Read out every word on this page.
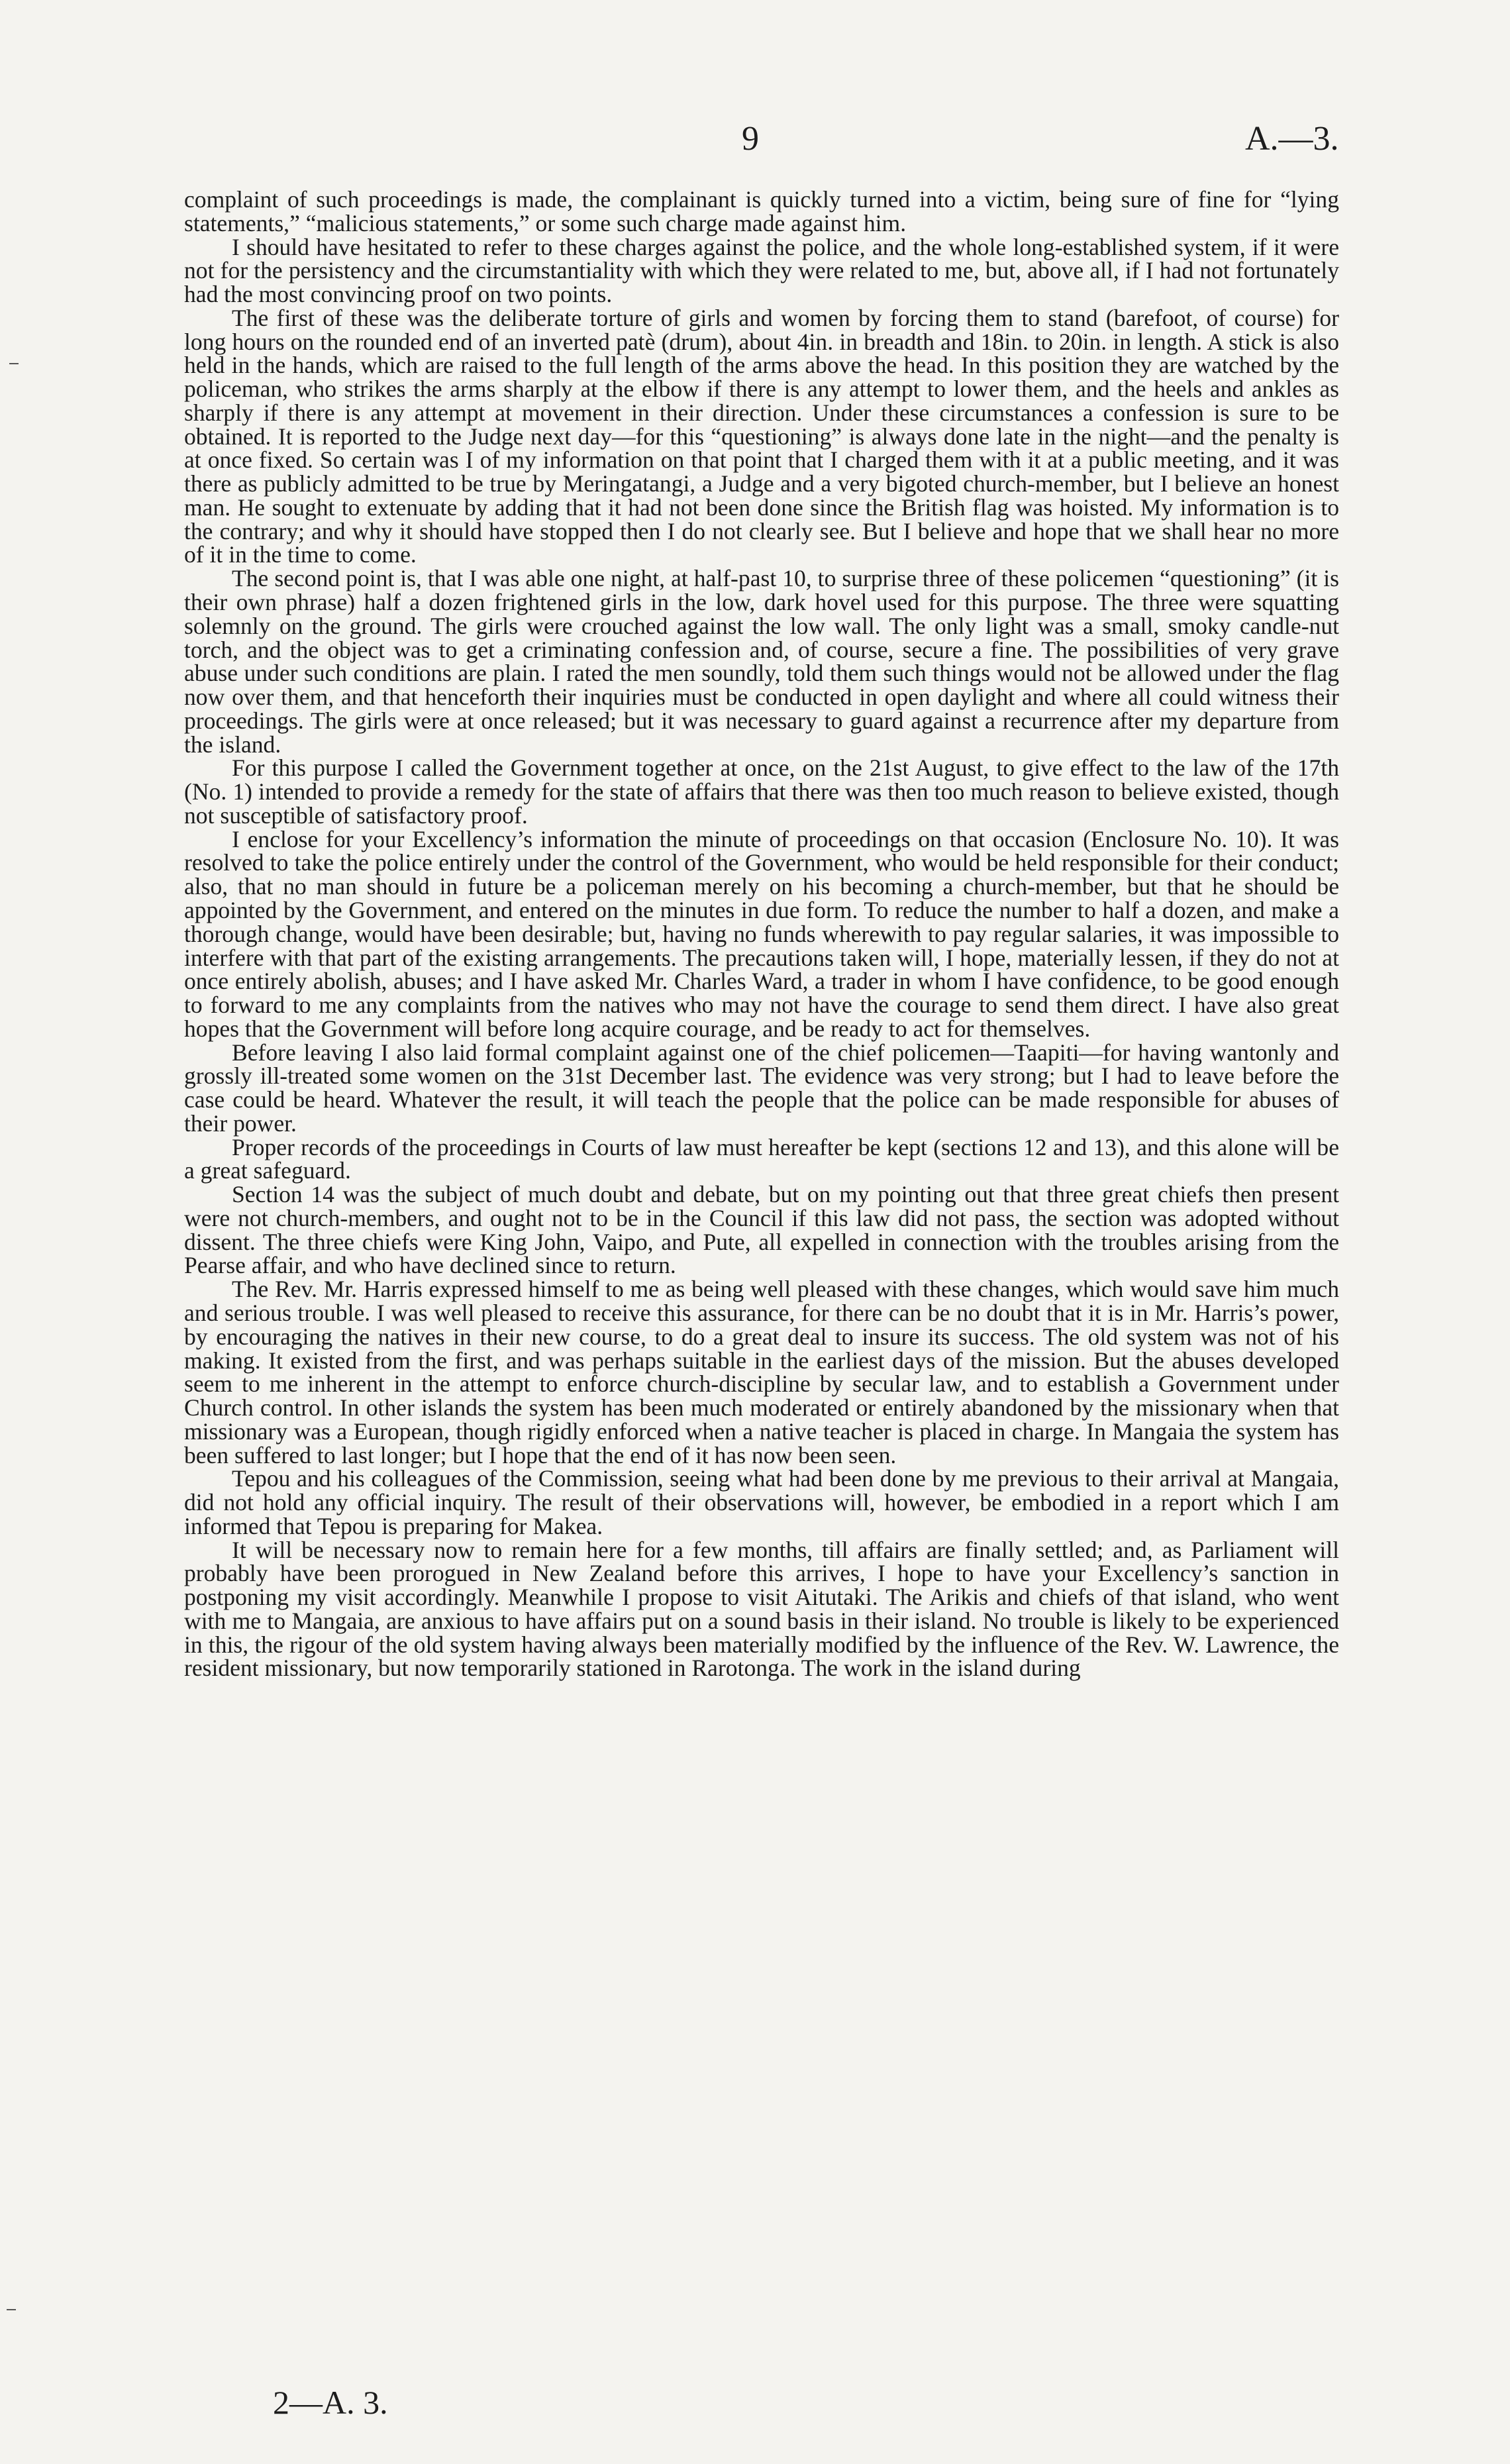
9	A.—3.

complaint of such proceedings is made, the complainant is quickly turned into a victim, being sure of fine for “lying statements,” “malicious statements,” or some such charge made against him.

I should have hesitated to refer to these charges against the police, and the whole long-established system, if it were not for the persistency and the circumstantiality with which they were related to me, but, above all, if I had not fortunately had the most convincing proof on two points.

The first of these was the deliberate torture of girls and women by forcing them to stand (barefoot, of course) for long hours on the rounded end of an inverted patè (drum), about 4in. in breadth and 18in. to 20in. in length. A stick is also held in the hands, which are raised to the full length of the arms above the head. In this position they are watched by the policeman, who strikes the arms sharply at the elbow if there is any attempt to lower them, and the heels and ankles as sharply if there is any attempt at movement in their direction. Under these circumstances a confession is sure to be obtained. It is reported to the Judge next day—for this “questioning” is always done late in the night—and the penalty is at once fixed. So certain was I of my information on that point that I charged them with it at a public meeting, and it was there as publicly admitted to be true by Meringatangi, a Judge and a very bigoted church-member, but I believe an honest man. He sought to extenuate by adding that it had not been done since the British flag was hoisted. My information is to the contrary; and why it should have stopped then I do not clearly see. But I believe and hope that we shall hear no more of it in the time to come.

The second point is, that I was able one night, at half-past 10, to surprise three of these policemen “questioning” (it is their own phrase) half a dozen frightened girls in the low, dark hovel used for this purpose. The three were squatting solemnly on the ground. The girls were crouched against the low wall. The only light was a small, smoky candle-nut torch, and the object was to get a criminating confession and, of course, secure a fine. The possibilities of very grave abuse under such conditions are plain. I rated the men soundly, told them such things would not be allowed under the flag now over them, and that henceforth their inquiries must be conducted in open daylight and where all could witness their proceedings. The girls were at once released; but it was necessary to guard against a recurrence after my departure from the island.

For this purpose I called the Government together at once, on the 21st August, to give effect to the law of the 17th (No. 1) intended to provide a remedy for the state of affairs that there was then too much reason to believe existed, though not susceptible of satisfactory proof.

I enclose for your Excellency’s information the minute of proceedings on that occasion (Enclosure No. 10). It was resolved to take the police entirely under the control of the Government, who would be held responsible for their conduct; also, that no man should in future be a policeman merely on his becoming a church-member, but that he should be appointed by the Government, and entered on the minutes in due form. To reduce the number to half a dozen, and make a thorough change, would have been desirable; but, having no funds wherewith to pay regular salaries, it was impossible to interfere with that part of the existing arrangements. The precautions taken will, I hope, materially lessen, if they do not at once entirely abolish, abuses; and I have asked Mr. Charles Ward, a trader in whom I have confidence, to be good enough to forward to me any complaints from the natives who may not have the courage to send them direct. I have also great hopes that the Government will before long acquire courage, and be ready to act for themselves.

Before leaving I also laid formal complaint against one of the chief policemen—Taapiti—for having wantonly and grossly ill-treated some women on the 31st December last. The evidence was very strong; but I had to leave before the case could be heard. Whatever the result, it will teach the people that the police can be made responsible for abuses of their power.

Proper records of the proceedings in Courts of law must hereafter be kept (sections 12 and 13), and this alone will be a great safeguard.

Section 14 was the subject of much doubt and debate, but on my pointing out that three great chiefs then present were not church-members, and ought not to be in the Council if this law did not pass, the section was adopted without dissent. The three chiefs were King John, Vaipo, and Pute, all expelled in connection with the troubles arising from the Pearse affair, and who have declined since to return.

The Rev. Mr. Harris expressed himself to me as being well pleased with these changes, which would save him much and serious trouble. I was well pleased to receive this assurance, for there can be no doubt that it is in Mr. Harris’s power, by encouraging the natives in their new course, to do a great deal to insure its success. The old system was not of his making. It existed from the first, and was perhaps suitable in the earliest days of the mission. But the abuses developed seem to me inherent in the attempt to enforce church-discipline by secular law, and to establish a Government under Church control. In other islands the system has been much moderated or entirely abandoned by the missionary when that missionary was a European, though rigidly enforced when a native teacher is placed in charge. In Mangaia the system has been suffered to last longer; but I hope that the end of it has now been seen.

Tepou and his colleagues of the Commission, seeing what had been done by me previous to their arrival at Mangaia, did not hold any official inquiry. The result of their observations will, however, be embodied in a report which I am informed that Tepou is preparing for Makea.

It will be necessary now to remain here for a few months, till affairs are finally settled; and, as Parliament will probably have been prorogued in New Zealand before this arrives, I hope to have your Excellency’s sanction in postponing my visit accordingly. Meanwhile I propose to visit Aitutaki. The Arikis and chiefs of that island, who went with me to Mangaia, are anxious to have affairs put on a sound basis in their island. No trouble is likely to be experienced in this, the rigour of the old system having always been materially modified by the influence of the Rev. W. Lawrence, the resident missionary, but now temporarily stationed in Rarotonga. The work in the island during

2—A. 3.
